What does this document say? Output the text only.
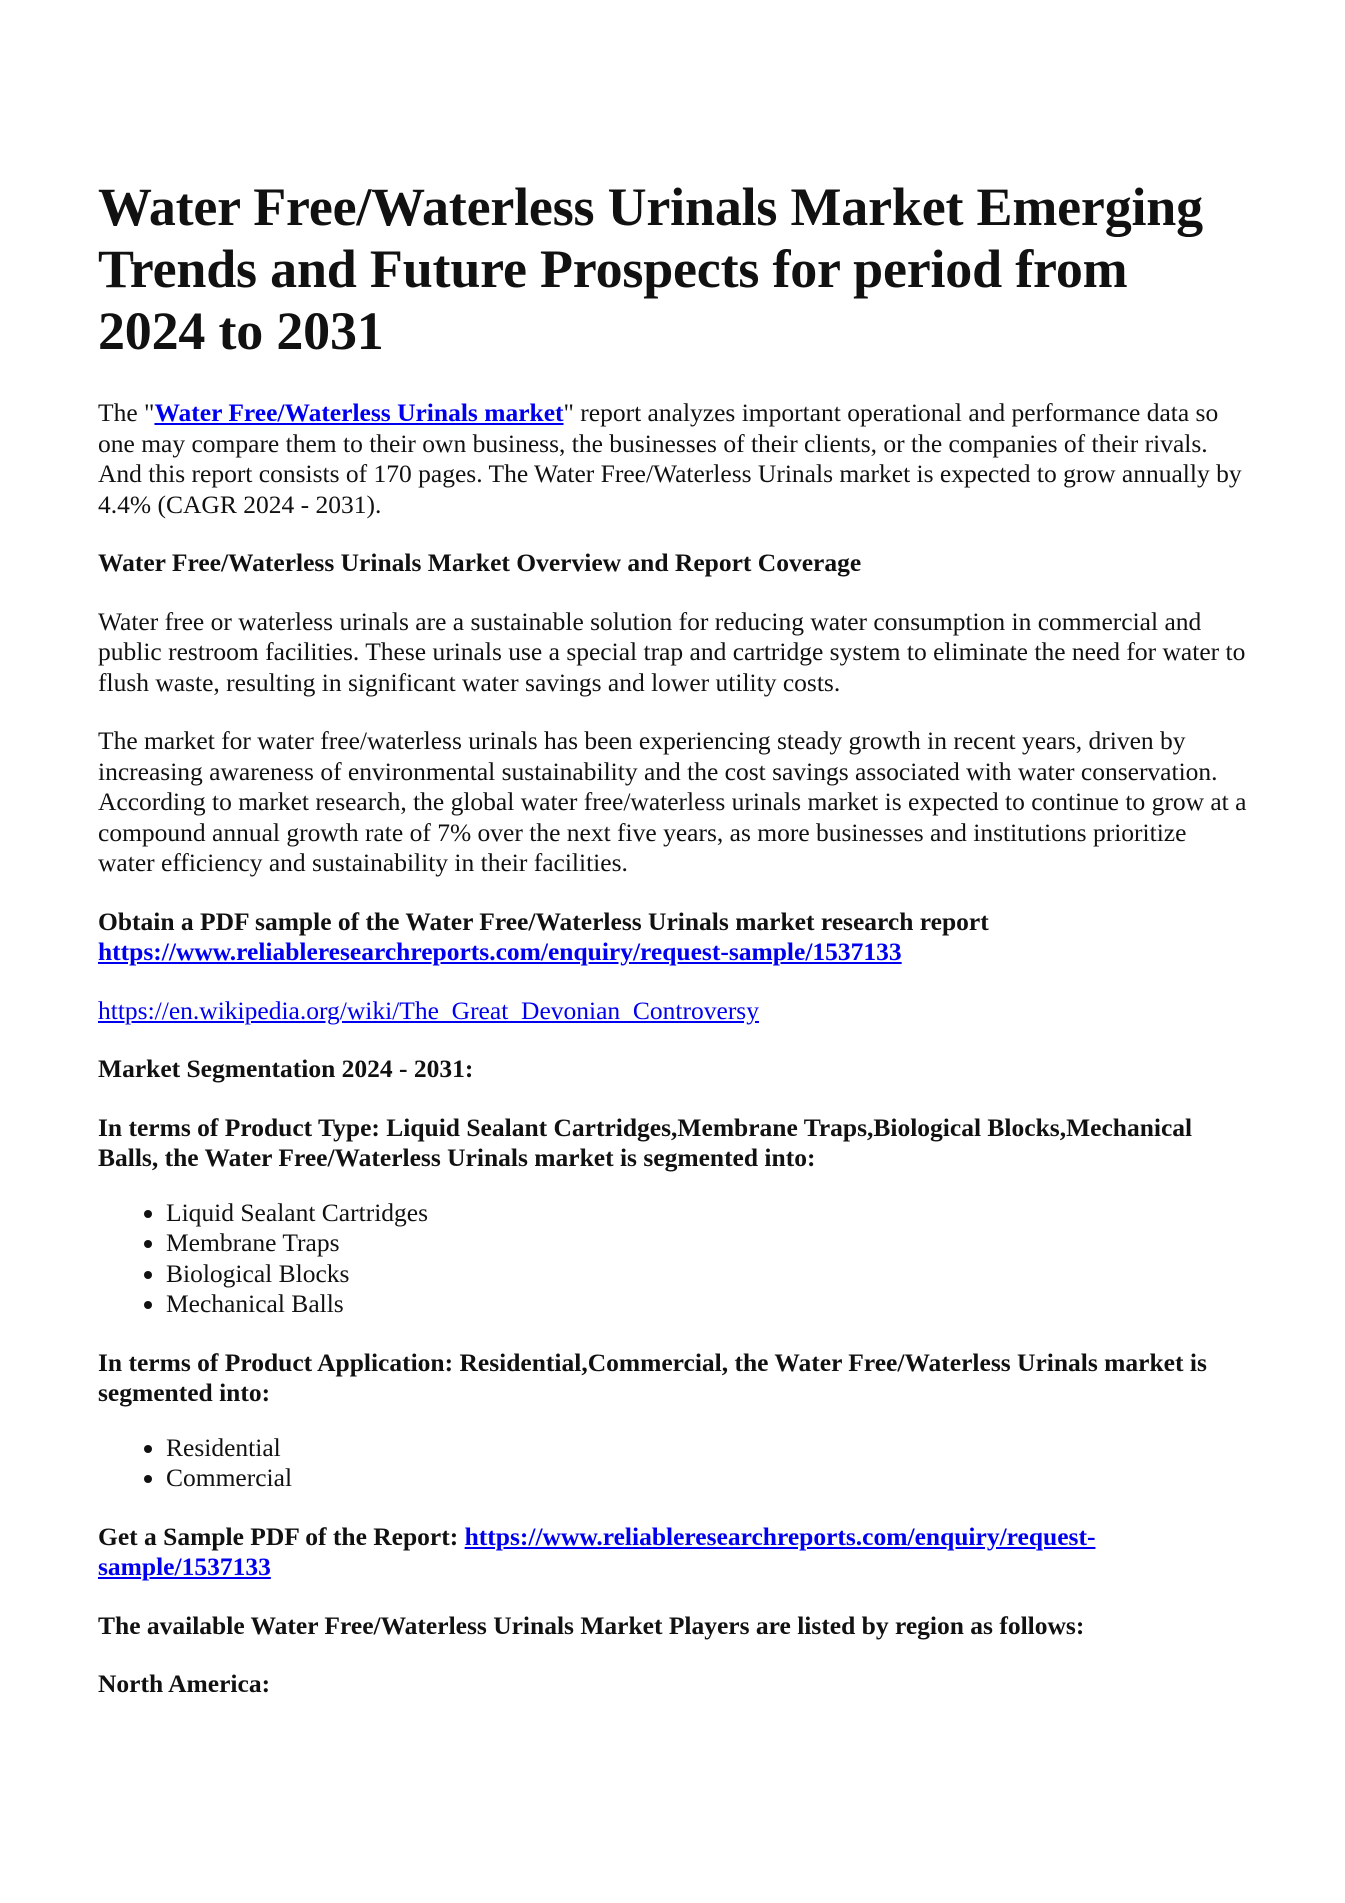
Water Free/Waterless Urinals Market Emerging Trends and Future Prospects for period from 2024 to 2031

The "Water Free/Waterless Urinals market" report analyzes important operational and performance data so one may compare them to their own business, the businesses of their clients, or the companies of their rivals. And this report consists of 170 pages. The Water Free/Waterless Urinals market is expected to grow annually by 4.4% (CAGR 2024 - 2031).

Water Free/Waterless Urinals Market Overview and Report Coverage

Water free or waterless urinals are a sustainable solution for reducing water consumption in commercial and public restroom facilities. These urinals use a special trap and cartridge system to eliminate the need for water to flush waste, resulting in significant water savings and lower utility costs.

The market for water free/waterless urinals has been experiencing steady growth in recent years, driven by increasing awareness of environmental sustainability and the cost savings associated with water conservation. According to market research, the global water free/waterless urinals market is expected to continue to grow at a compound annual growth rate of 7% over the next five years, as more businesses and institutions prioritize water efficiency and sustainability in their facilities.

Obtain a PDF sample of the Water Free/Waterless Urinals market research report https://www.reliableresearchreports.com/enquiry/request-sample/1537133

https://en.wikipedia.org/wiki/The_Great_Devonian_Controversy

Market Segmentation 2024 - 2031:

In terms of Product Type: Liquid Sealant Cartridges,Membrane Traps,Biological Blocks,Mechanical Balls, the Water Free/Waterless Urinals market is segmented into:

• Liquid Sealant Cartridges
• Membrane Traps
• Biological Blocks
• Mechanical Balls

In terms of Product Application: Residential,Commercial, the Water Free/Waterless Urinals market is segmented into:

• Residential
• Commercial

Get a Sample PDF of the Report: https://www.reliableresearchreports.com/enquiry/request-sample/1537133

The available Water Free/Waterless Urinals Market Players are listed by region as follows:

North America:
